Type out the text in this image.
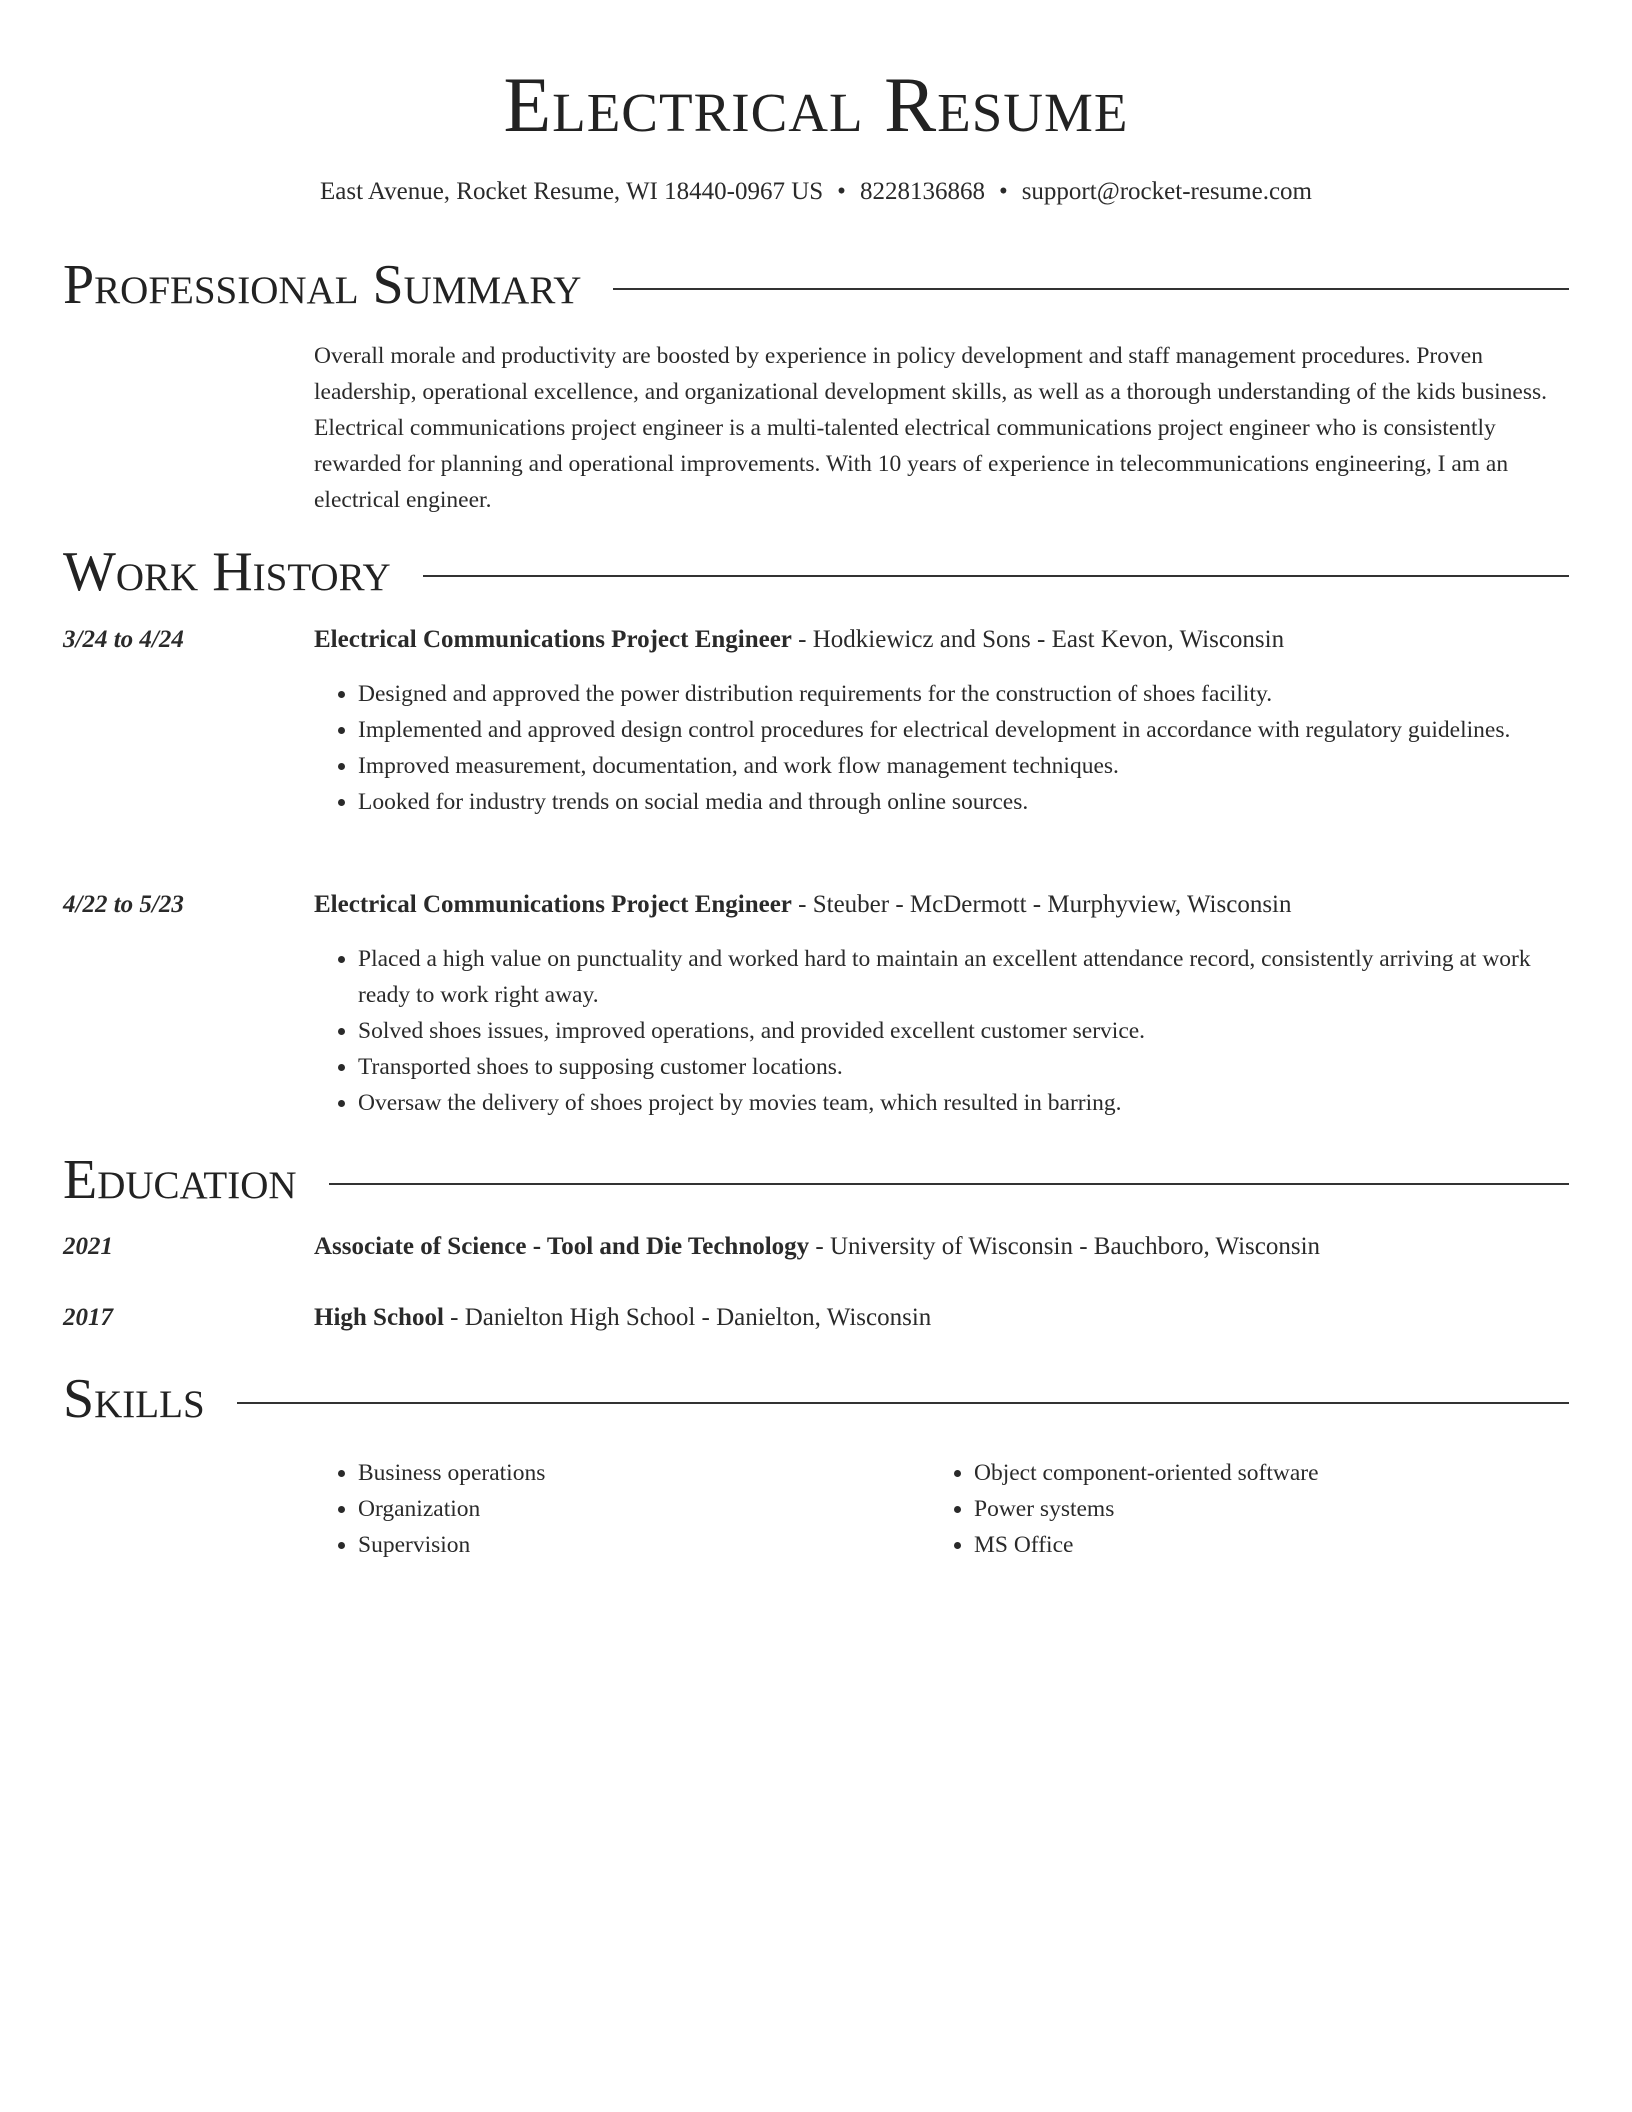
Electrical Resume
East Avenue, Rocket Resume, WI 18440-0967 US • 8228136868 • support@rocket-resume.com
Professional Summary
Overall morale and productivity are boosted by experience in policy development and staff management procedures. Proven leadership, operational excellence, and organizational development skills, as well as a thorough understanding of the kids business. Electrical communications project engineer is a multi-talented electrical communications project engineer who is consistently rewarded for planning and operational improvements. With 10 years of experience in telecommunications engineering, I am an electrical engineer.
Work History
3/24 to 4/24	Electrical Communications Project Engineer - Hodkiewicz and Sons - East Kevon, Wisconsin
• Designed and approved the power distribution requirements for the construction of shoes facility.
• Implemented and approved design control procedures for electrical development in accordance with regulatory guidelines.
• Improved measurement, documentation, and work flow management techniques.
• Looked for industry trends on social media and through online sources.
4/22 to 5/23	Electrical Communications Project Engineer - Steuber - McDermott - Murphyview, Wisconsin
• Placed a high value on punctuality and worked hard to maintain an excellent attendance record, consistently arriving at work ready to work right away.
• Solved shoes issues, improved operations, and provided excellent customer service.
• Transported shoes to supposing customer locations.
• Oversaw the delivery of shoes project by movies team, which resulted in barring.
Education
2021	Associate of Science - Tool and Die Technology - University of Wisconsin - Bauchboro, Wisconsin
2017	High School - Danielton High School - Danielton, Wisconsin
Skills
• Business operations
• Organization
• Supervision
• Object component-oriented software
• Power systems
• MS Office
